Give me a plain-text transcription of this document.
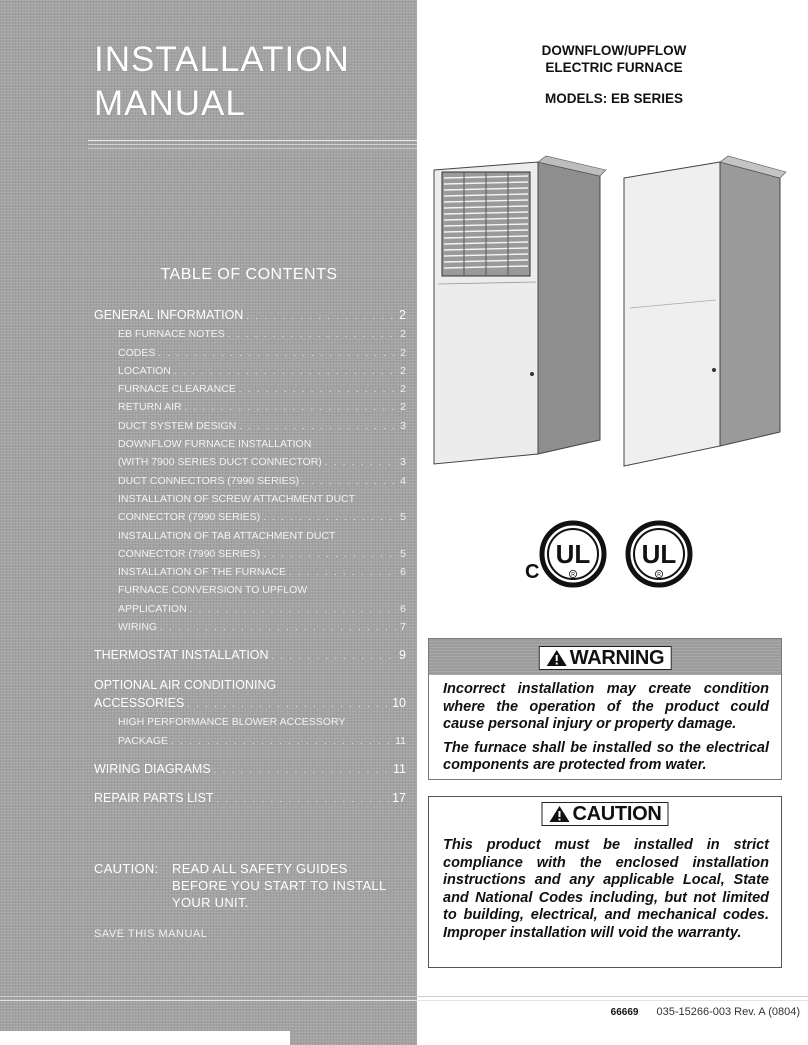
INSTALLATION
MANUAL
TABLE OF CONTENTS
GENERAL INFORMATION . . .	2
EB FURNACE NOTES . . .	2
CODES . . .	2
LOCATION . . .	2
FURNACE CLEARANCE . . .	2
RETURN AIR . . .	2
DUCT SYSTEM DESIGN . . .	3
DOWNFLOW FURNACE INSTALLATION
(WITH 7900 SERIES DUCT CONNECTOR) . . .	3
DUCT CONNECTORS (7990 SERIES) . . .	4
INSTALLATION OF SCREW ATTACHMENT DUCT
CONNECTOR (7990 SERIES) . . .	5
INSTALLATION OF TAB ATTACHMENT DUCT
CONNECTOR (7990 SERIES) . . .	5
INSTALLATION OF THE FURNACE . . .	6
FURNACE CONVERSION TO UPFLOW
APPLICATION . . .	6
WIRING . . .	7
THERMOSTAT INSTALLATION . . .	9
OPTIONAL AIR CONDITIONING
ACCESSORIES . . .	10
HIGH PERFORMANCE BLOWER ACCESSORY
PACKAGE . . .	11
WIRING DIAGRAMS . . .	11
REPAIR PARTS LIST . . .	17
CAUTION: READ ALL SAFETY GUIDES BEFORE YOU START TO INSTALL YOUR UNIT.
SAVE THIS MANUAL
DOWNFLOW/UPFLOW
ELECTRIC FURNACE
MODELS: EB SERIES
C
UL
R
UL
R
WARNING

Incorrect installation may create condition where the operation of the product could cause personal injury or property damage.

The furnace shall be installed so the electrical components are protected from water.

CAUTION

This product must be installed in strict compliance with the enclosed installation instructions and any applicable Local, State and National Codes including, but not limited to building, electrical, and mechanical codes. Improper installation will void the warranty.

66669 035-15266-003 Rev. A (0804)
